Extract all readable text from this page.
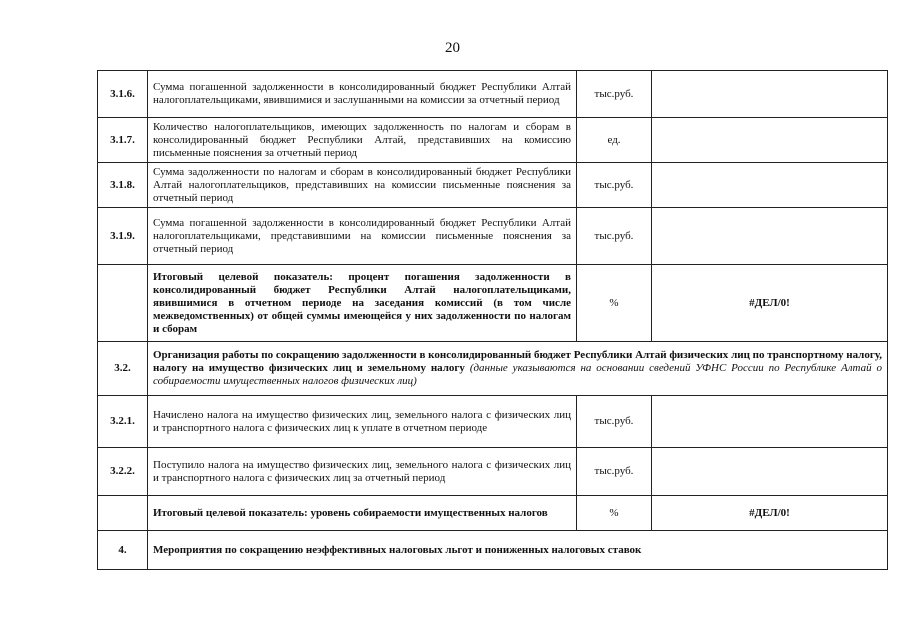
20
3.1.6.	Сумма погашенной задолженности в консолидированный бюджет Республики Алтай налогоплательщиками, явившимися и заслушанными на комиссии за отчетный период	тыс.руб.	
3.1.7.	Количество налогоплательщиков, имеющих задолженность по налогам и сборам в консолидированный бюджет Республики Алтай, представивших на комиссию письменные пояснения за отчетный период	ед.	
3.1.8.	Сумма задолженности по налогам и сборам в консолидированный бюджет Республики Алтай налогоплательщиков, представивших на комиссии письменные пояснения за отчетный период	тыс.руб.	
3.1.9.	Сумма погашенной задолженности в консолидированный бюджет Республики Алтай налогоплательщиками, представившими на комиссии письменные пояснения за отчетный период	тыс.руб.	
	Итоговый целевой показатель: процент погашения задолженности в консолидированный бюджет Республики Алтай налогоплательщиками, явившимися в отчетном периоде на заседания комиссий (в том числе межведомственных) от общей суммы имеющейся у них задолженности по налогам и сборам	%	#ДЕЛ/0!
3.2.	Организация работы по сокращению задолженности в консолидированный бюджет Республики Алтай физических лиц по транспортному налогу, налогу на имущество физических лиц и земельному налогу (данные указываются на основании сведений УФНС России по Республике Алтай о собираемости имущественных налогов физических лиц)		
3.2.1.	Начислено налога на имущество физических лиц, земельного налога с физических лиц и транспортного налога с физических лиц к уплате в отчетном периоде	тыс.руб.	
3.2.2.	Поступило налога на имущество физических лиц, земельного налога с физических лиц и транспортного налога с физических лиц за отчетный период	тыс.руб.	
	Итоговый целевой показатель: уровень собираемости имущественных налогов	%	#ДЕЛ/0!
4.	Мероприятия по сокращению неэффективных налоговых льгот и пониженных налоговых ставок		
